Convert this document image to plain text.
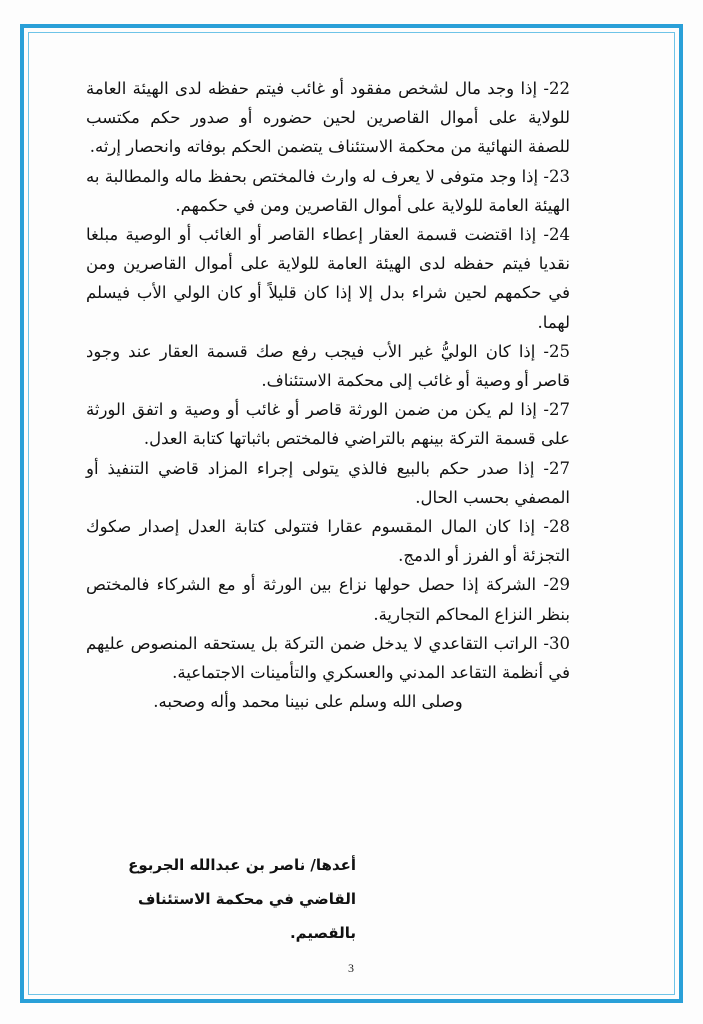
22- إذا وجد مال لشخص مفقود أو غائب فيتم حفظه لدى الهيئة العامة للولاية على أموال القاصرين لحين حضوره أو صدور حكم مكتسب للصفة النهائية من محكمة الاستئناف يتضمن الحكم بوفاته وانحصار إرثه.

23- إذا وجد متوفى لا يعرف له وارث فالمختص بحفظ ماله والمطالبة به الهيئة العامة للولاية على أموال القاصرين ومن في حكمهم.

24- إذا اقتضت قسمة العقار إعطاء القاصر أو الغائب أو الوصية مبلغا نقديا فيتم حفظه لدى الهيئة العامة للولاية على أموال القاصرين ومن في حكمهم لحين شراء بدل إلا إذا كان قليلاً أو كان الولي الأب فيسلم لهما.

25- إذا كان الوليُّ غير الأب فيجب رفع صك قسمة العقار عند وجود قاصر أو وصية أو غائب إلى محكمة الاستئناف.

27- إذا لم يكن من ضمن الورثة قاصر أو غائب أو وصية و اتفق الورثة على قسمة التركة بينهم بالتراضي فالمختص باثباتها كتابة العدل.

27- إذا صدر حكم بالبيع فالذي يتولى إجراء المزاد قاضي التنفيذ أو المصفي بحسب الحال.

28- إذا كان المال المقسوم عقارا فتتولى كتابة العدل إصدار صكوك التجزئة أو الفرز أو الدمج.

29- الشركة إذا حصل حولها نزاع بين الورثة أو مع الشركاء فالمختص بنظر النزاع المحاكم التجارية.

30- الراتب التقاعدي لا يدخل ضمن التركة بل يستحقه المنصوص عليهم في أنظمة التقاعد المدني والعسكري والتأمينات الاجتماعية.

وصلى الله وسلم على نبينا محمد وأله وصحبه.

أعدها/ ناصر بن عبدالله الجربوع
القاضي في محكمة الاستئناف بالقصيم.
3
